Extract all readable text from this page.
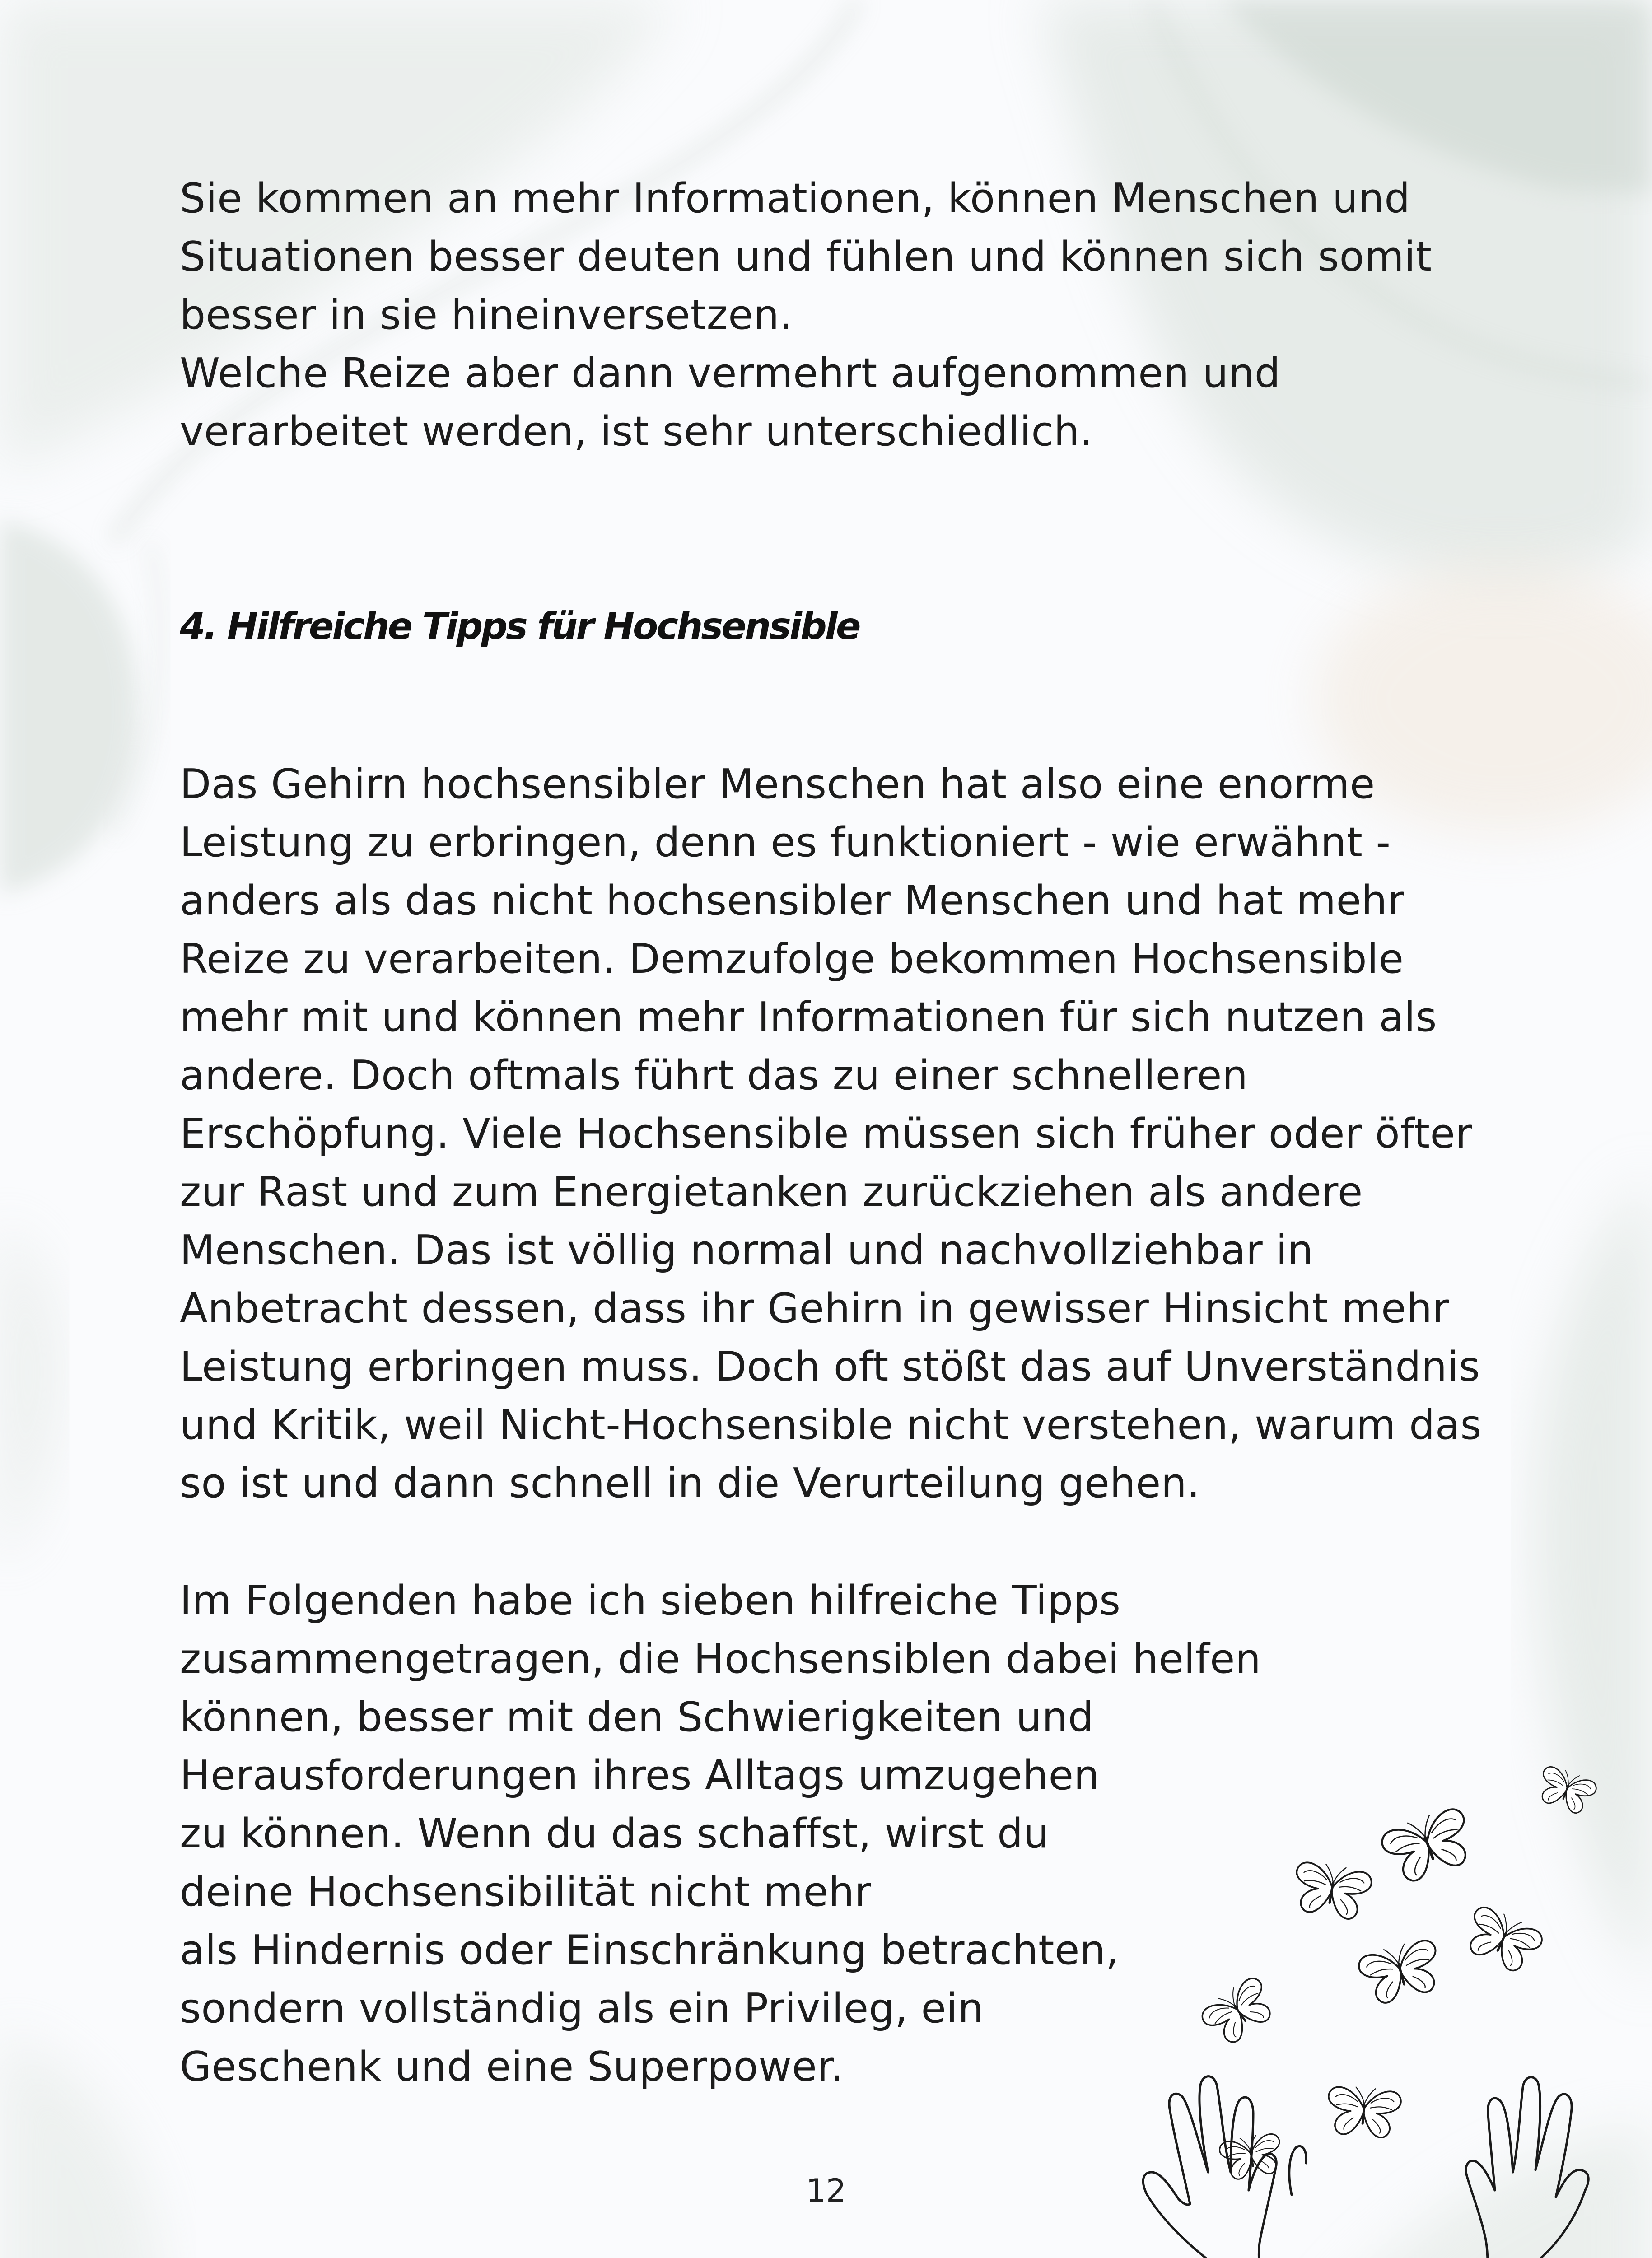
Sie kommen an mehr Informationen, können Menschen und
Situationen besser deuten und fühlen und können sich somit
besser in sie hineinversetzen.
Welche Reize aber dann vermehrt aufgenommen und
verarbeitet werden, ist sehr unterschiedlich.

4. Hilfreiche Tipps für Hochsensible

Das Gehirn hochsensibler Menschen hat also eine enorme
Leistung zu erbringen, denn es funktioniert - wie erwähnt -
anders als das nicht hochsensibler Menschen und hat mehr
Reize zu verarbeiten. Demzufolge bekommen Hochsensible
mehr mit und können mehr Informationen für sich nutzen als
andere. Doch oftmals führt das zu einer schnelleren
Erschöpfung. Viele Hochsensible müssen sich früher oder öfter
zur Rast und zum Energietanken zurückziehen als andere
Menschen. Das ist völlig normal und nachvollziehbar in
Anbetracht dessen, dass ihr Gehirn in gewisser Hinsicht mehr
Leistung erbringen muss. Doch oft stößt das auf Unverständnis
und Kritik, weil Nicht-Hochsensible nicht verstehen, warum das
so ist und dann schnell in die Verurteilung gehen.

Im Folgenden habe ich sieben hilfreiche Tipps
zusammengetragen, die Hochsensiblen dabei helfen
können, besser mit den Schwierigkeiten und
Herausforderungen ihres Alltags umzugehen
zu können. Wenn du das schaffst, wirst du
deine Hochsensibilität nicht mehr
als Hindernis oder Einschränkung betrachten,
sondern vollständig als ein Privileg, ein
Geschenk und eine Superpower.

12
